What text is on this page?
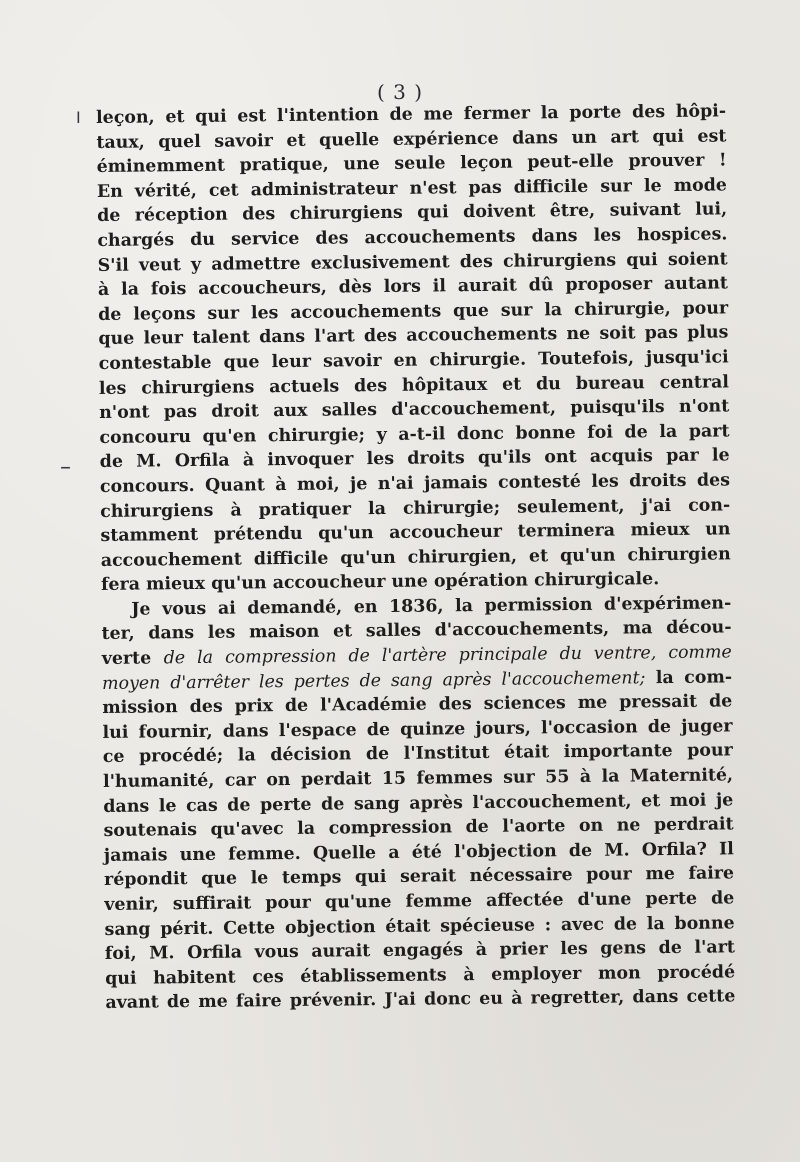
( 3 )
I
–
leçon, et qui est l'intention de me fermer la porte des hôpi-
taux, quel savoir et quelle expérience dans un art qui est
éminemment pratique, une seule leçon peut-elle prouver !
En vérité, cet administrateur n'est pas difficile sur le mode
de réception des chirurgiens qui doivent être, suivant lui,
chargés du service des accouchements dans les hospices.
S'il veut y admettre exclusivement des chirurgiens qui soient
à la fois accoucheurs, dès lors il aurait dû proposer autant
de leçons sur les accouchements que sur la chirurgie, pour
que leur talent dans l'art des accouchements ne soit pas plus
contestable que leur savoir en chirurgie. Toutefois, jusqu'ici
les chirurgiens actuels des hôpitaux et du bureau central
n'ont pas droit aux salles d'accouchement, puisqu'ils n'ont
concouru qu'en chirurgie; y a-t-il donc bonne foi de la part
de M. Orfila à invoquer les droits qu'ils ont acquis par le
concours. Quant à moi, je n'ai jamais contesté les droits des
chirurgiens à pratiquer la chirurgie; seulement, j'ai con-
stamment prétendu qu'un accoucheur terminera mieux un
accouchement difficile qu'un chirurgien, et qu'un chirurgien
fera mieux qu'un accoucheur une opération chirurgicale.
Je vous ai demandé, en 1836, la permission d'expérimen-
ter, dans les maison et salles d'accouchements, ma décou-
verte de la compression de l'artère principale du ventre, comme
moyen d'arrêter les pertes de sang après l'accouchement; la com-
mission des prix de l'Académie des sciences me pressait de
lui fournir, dans l'espace de quinze jours, l'occasion de juger
ce procédé; la décision de l'Institut était importante pour
l'humanité, car on perdait 15 femmes sur 55 à la Maternité,
dans le cas de perte de sang après l'accouchement, et moi je
soutenais qu'avec la compression de l'aorte on ne perdrait
jamais une femme. Quelle a été l'objection de M. Orfila? Il
répondit que le temps qui serait nécessaire pour me faire
venir, suffirait pour qu'une femme affectée d'une perte de
sang périt. Cette objection était spécieuse : avec de la bonne
foi, M. Orfila vous aurait engagés à prier les gens de l'art
qui habitent ces établissements à employer mon procédé
avant de me faire prévenir. J'ai donc eu à regretter, dans cette
